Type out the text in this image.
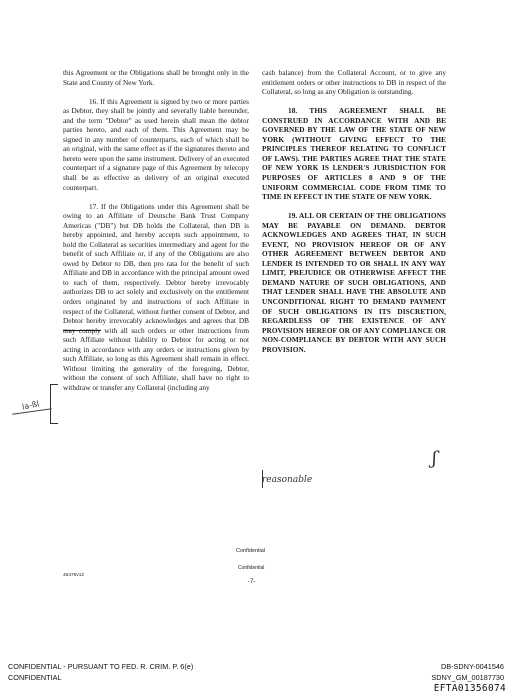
this Agreement or the Obligations shall be brought only in the State and County of New York.

16. If this Agreement is signed by two or more parties as Debtor, they shall be jointly and severally liable hereunder, and the term "Debtor" as used herein shall mean the debtor parties hereto, and each of them. This Agreement may be signed in any number of counterparts, each of which shall be an original, with the same effect as if the signatures thereto and hereto were upon the same instrument. Delivery of an executed counterpart of a signature page of this Agreement by telecopy shall be as effective as delivery of an original executed counterpart.

17. If the Obligations under this Agreement shall be owing to an Affiliate of Deutsche Bank Trust Company Americas ("DB") but DB holds the Collateral, then DB is hereby appointed, and hereby accepts such appointment, to hold the Collateral as securities intermediary and agent for the benefit of such Affiliate or, if any of the Obligations are also owed by Debtor to DB, then pro rata for the benefit of such Affiliate and DB in accordance with the principal amount owed to each of them, respectively. Debtor hereby irrevocably authorizes DB to act solely and exclusively on the entitlement orders originated by and instructions of such Affiliate in respect of the Collateral, without further consent of Debtor, and Debtor hereby irrevocably acknowledges and agrees that DB may comply with all such orders or other instructions from such Affiliate without liability to Debtor for acting or not acting in accordance with any orders or instructions given by such Affiliate, so long as this Agreement shall remain in effect. Without limiting the generality of the foregoing, Debtor, without the consent of such Affiliate, shall have no right to withdraw or transfer any Collateral (including any

cash balance) from the Collateral Account, or to give any entitlement orders or other instructions to DB in respect of the Collateral, so long as any Obligation is outstanding.

18. THIS AGREEMENT SHALL BE CONSTRUED IN ACCORDANCE WITH AND BE GOVERNED BY THE LAW OF THE STATE OF NEW YORK (WITHOUT GIVING EFFECT TO THE PRINCIPLES THEREOF RELATING TO CONFLICT OF LAWS). THE PARTIES AGREE THAT THE STATE OF NEW YORK IS LENDER'S JURISDICTION FOR PURPOSES OF ARTICLES 8 AND 9 OF THE UNIFORM COMMERCIAL CODE FROM TIME TO TIME IN EFFECT IN THE STATE OF NEW YORK.

19. ALL OR CERTAIN OF THE OBLIGATIONS MAY BE PAYABLE ON DEMAND. DEBTOR ACKNOWLEDGES AND AGREES THAT, IN SUCH EVENT, NO PROVISION HEREOF OR OF ANY OTHER AGREEMENT BETWEEN DEBTOR AND LENDER IS INTENDED TO OR SHALL IN ANY WAY LIMIT, PREJUDICE OR OTHERWISE AFFECT THE DEMAND NATURE OF SUCH OBLIGATIONS, AND THAT LENDER SHALL HAVE THE ABSOLUTE AND UNCONDITIONAL RIGHT TO DEMAND PAYMENT OF SUCH OBLIGATIONS IN ITS DISCRETION, REGARDLESS OF THE EXISTENCE OF ANY PROVISION HEREOF OR OF ANY COMPLIANCE OR NON-COMPLIANCE BY DEBTOR WITH ANY SUCH PROVISION.

la-ßl
reasonable
ʃ
Confidential
Confidential
46478v12
-7-
CONFIDENTIAL - PURSUANT TO FED. R. CRIM. P. 6(e)
CONFIDENTIAL
DB-SDNY-0041546
SDNY_GM_00187730
EFTA01356074
